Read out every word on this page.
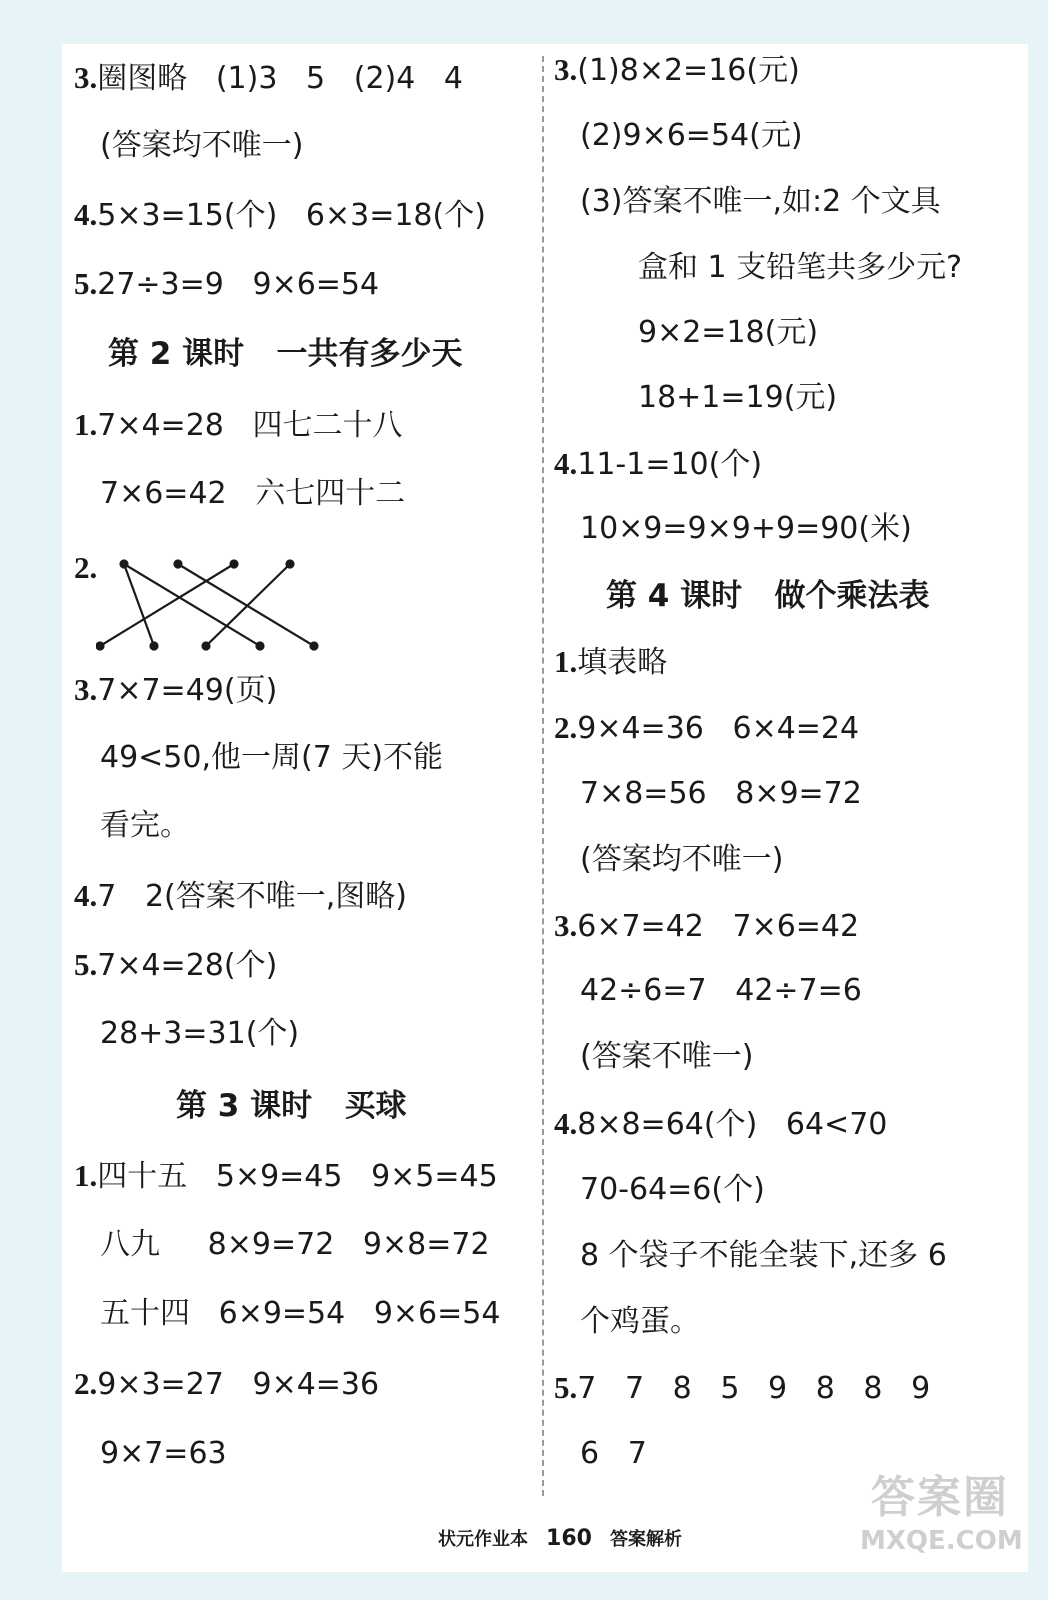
3.圈图略   (1)3   5   (2)4   4
(答案均不唯一)
4.5×3=15(个)   6×3=18(个)
5.27÷3=9   9×6=54
第 2 课时   一共有多少天
1.7×4=28   四七二十八
7×6=42   六七四十二
2.
3.7×7=49(页)
49<50,他一周(7 天)不能
看完。
4.7   2(答案不唯一,图略)
5.7×4=28(个)
28+3=31(个)
第 3 课时   买球
1.四十五   5×9=45   9×5=45
八九     8×9=72   9×8=72
五十四   6×9=54   9×6=54
2.9×3=27   9×4=36
9×7=63
3.(1)8×2=16(元)
(2)9×6=54(元)
(3)答案不唯一,如:2 个文具
盒和 1 支铅笔共多少元?
9×2=18(元)
18+1=19(元)
4.11-1=10(个)
10×9=9×9+9=90(米)
第 4 课时   做个乘法表
1.填表略
2.9×4=36   6×4=24
7×8=56   8×9=72
(答案均不唯一)
3.6×7=42   7×6=42
42÷6=7   42÷7=6
(答案不唯一)
4.8×8=64(个)   64<70
70-64=6(个)
8 个袋子不能全装下,还多 6
个鸡蛋。
5.7   7   8   5   9   8   8   9
6   7
状元作业本 160 答案解析
答案圈
MXQE.COM
